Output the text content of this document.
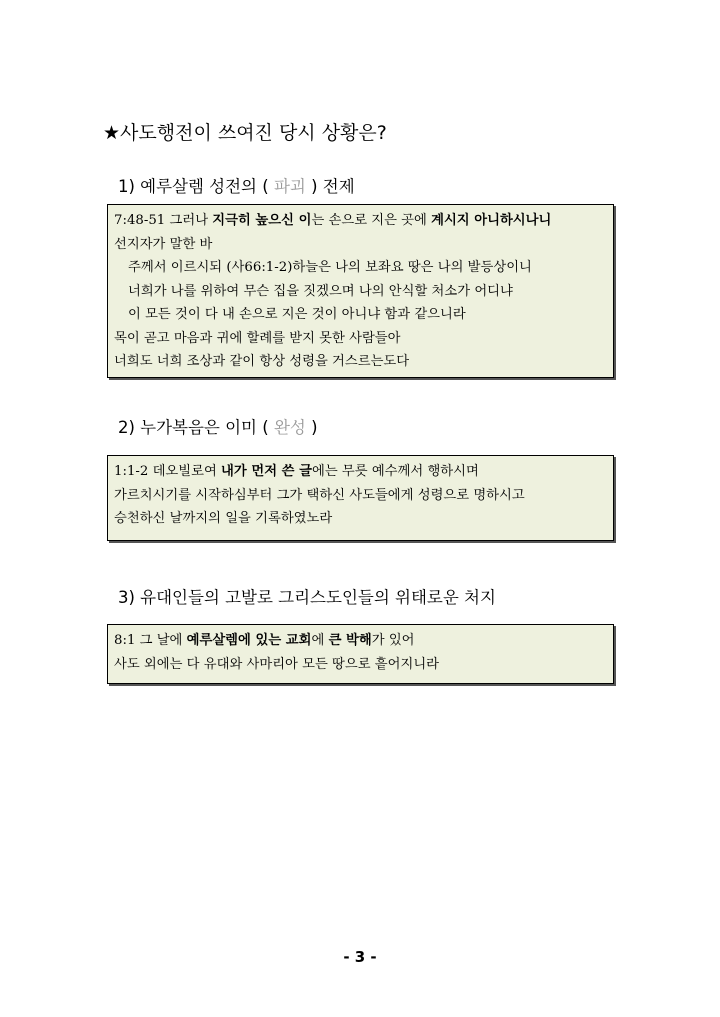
★사도행전이 쓰여진 당시 상황은?
1) 예루살렘 성전의 ( 파괴 ) 전제
7:48-51 그러나 지극히 높으신 이는 손으로 지은 곳에 계시지 아니하시나니
선지자가 말한 바
주께서 이르시되 (사66:1-2)하늘은 나의 보좌요 땅은 나의 발등상이니
너희가 나를 위하여 무슨 집을 짓겠으며 나의 안식할 처소가 어디냐
이 모든 것이 다 내 손으로 지은 것이 아니냐 함과 같으니라
목이 곧고 마음과 귀에 할례를 받지 못한 사람들아
너희도 너희 조상과 같이 항상 성령을 거스르는도다
2) 누가복음은 이미 ( 완성 )
1:1-2 데오빌로여 내가 먼저 쓴 글에는 무릇 예수께서 행하시며
가르치시기를 시작하심부터 그가 택하신 사도들에게 성령으로 명하시고
승천하신 날까지의 일을 기록하였노라
3) 유대인들의 고발로 그리스도인들의 위태로운 처지
8:1 그 날에 예루살렘에 있는 교회에 큰 박해가 있어
사도 외에는 다 유대와 사마리아 모든 땅으로 흩어지니라
- 3 -
